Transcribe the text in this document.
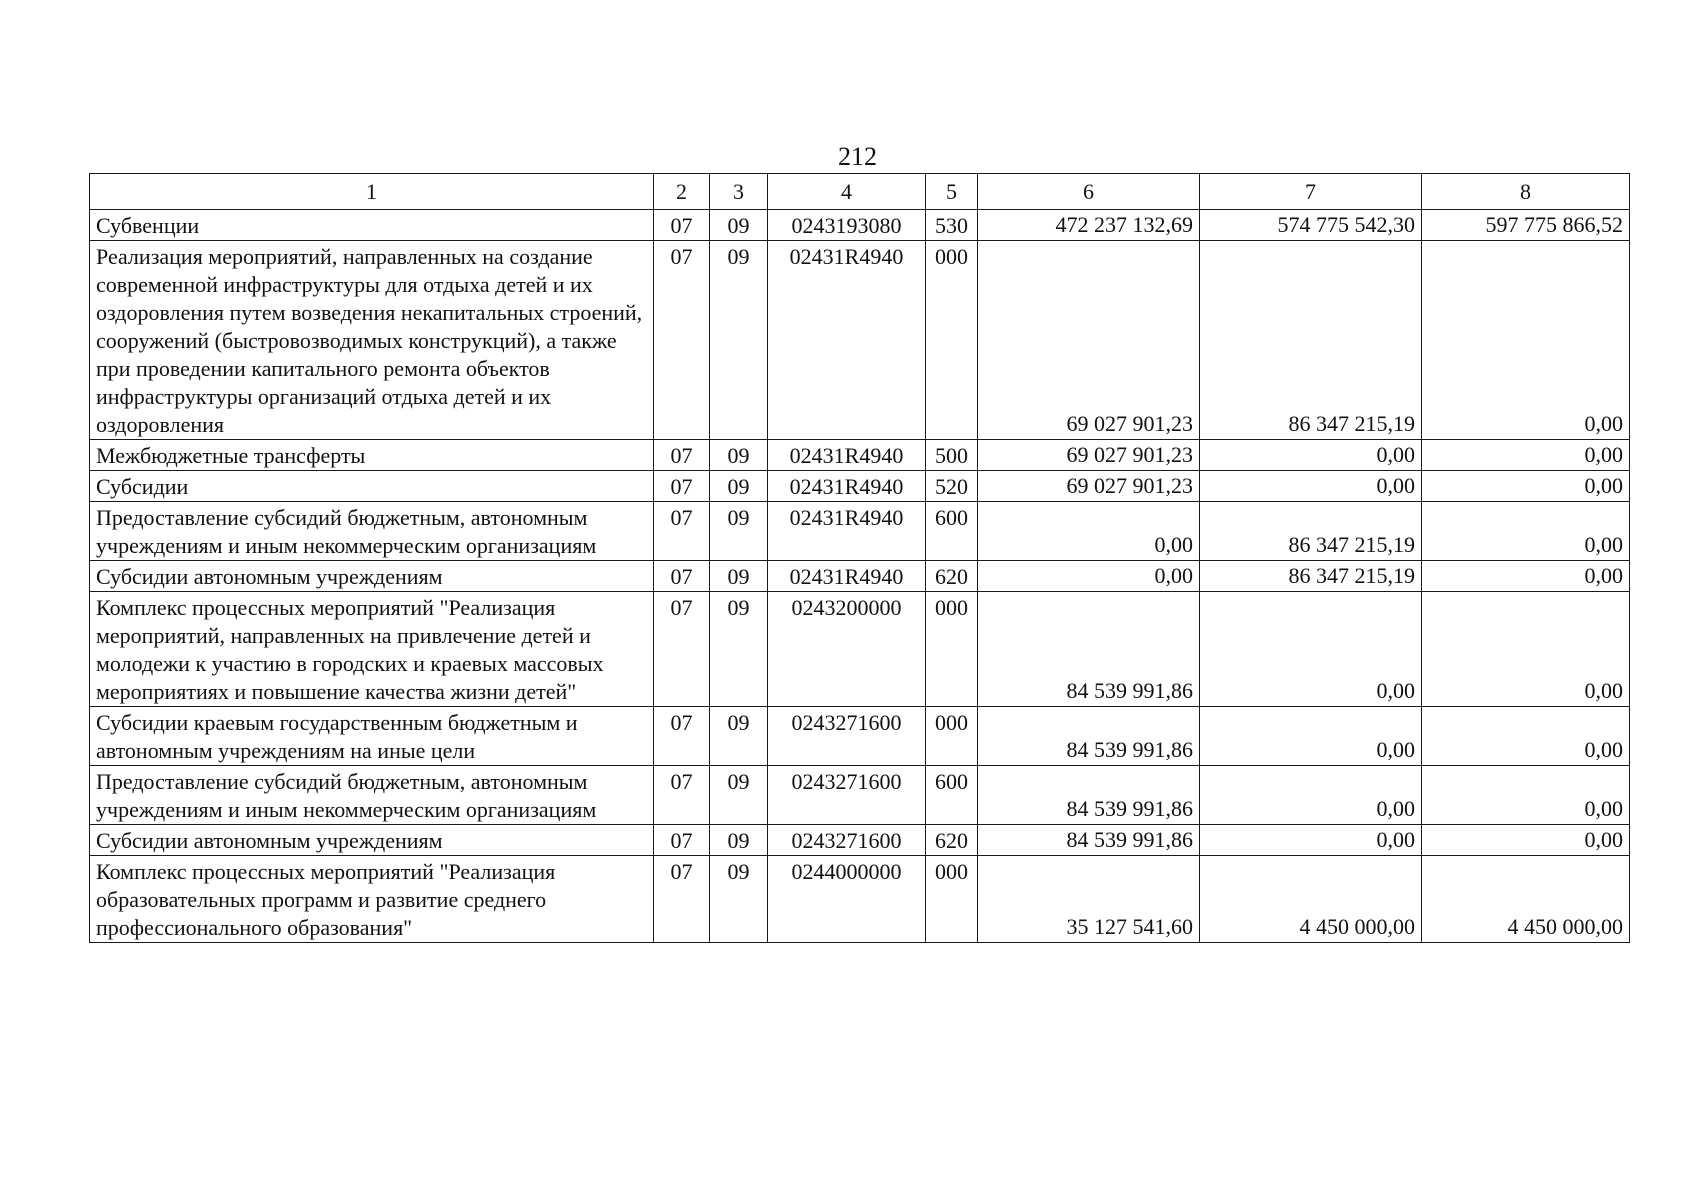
212
1	2	3	4	5	6	7	8
Субвенции	07	09	0243193080	530	472 237 132,69	574 775 542,30	597 775 866,52
Реализация мероприятий, направленных на создание современной инфраструктуры для отдыха детей и их оздоровления путем возведения некапитальных строений, сооружений (быстровозводимых конструкций), а также при проведении капитального ремонта объектов инфраструктуры организаций отдыха детей и их оздоровления	07	09	02431R4940	000	69 027 901,23	86 347 215,19	0,00
Межбюджетные трансферты	07	09	02431R4940	500	69 027 901,23	0,00	0,00
Субсидии	07	09	02431R4940	520	69 027 901,23	0,00	0,00
Предоставление субсидий бюджетным, автономным учреждениям и иным некоммерческим организациям	07	09	02431R4940	600	0,00	86 347 215,19	0,00
Субсидии автономным учреждениям	07	09	02431R4940	620	0,00	86 347 215,19	0,00
Комплекс процессных мероприятий "Реализация мероприятий, направленных на привлечение детей и молодежи к участию в городских и краевых массовых мероприятиях и повышение качества жизни детей"	07	09	0243200000	000	84 539 991,86	0,00	0,00
Субсидии краевым государственным бюджетным и автономным учреждениям на иные цели	07	09	0243271600	000	84 539 991,86	0,00	0,00
Предоставление субсидий бюджетным, автономным учреждениям и иным некоммерческим организациям	07	09	0243271600	600	84 539 991,86	0,00	0,00
Субсидии автономным учреждениям	07	09	0243271600	620	84 539 991,86	0,00	0,00
Комплекс процессных мероприятий "Реализация образовательных программ и развитие среднего профессионального образования"	07	09	0244000000	000	35 127 541,60	4 450 000,00	4 450 000,00
